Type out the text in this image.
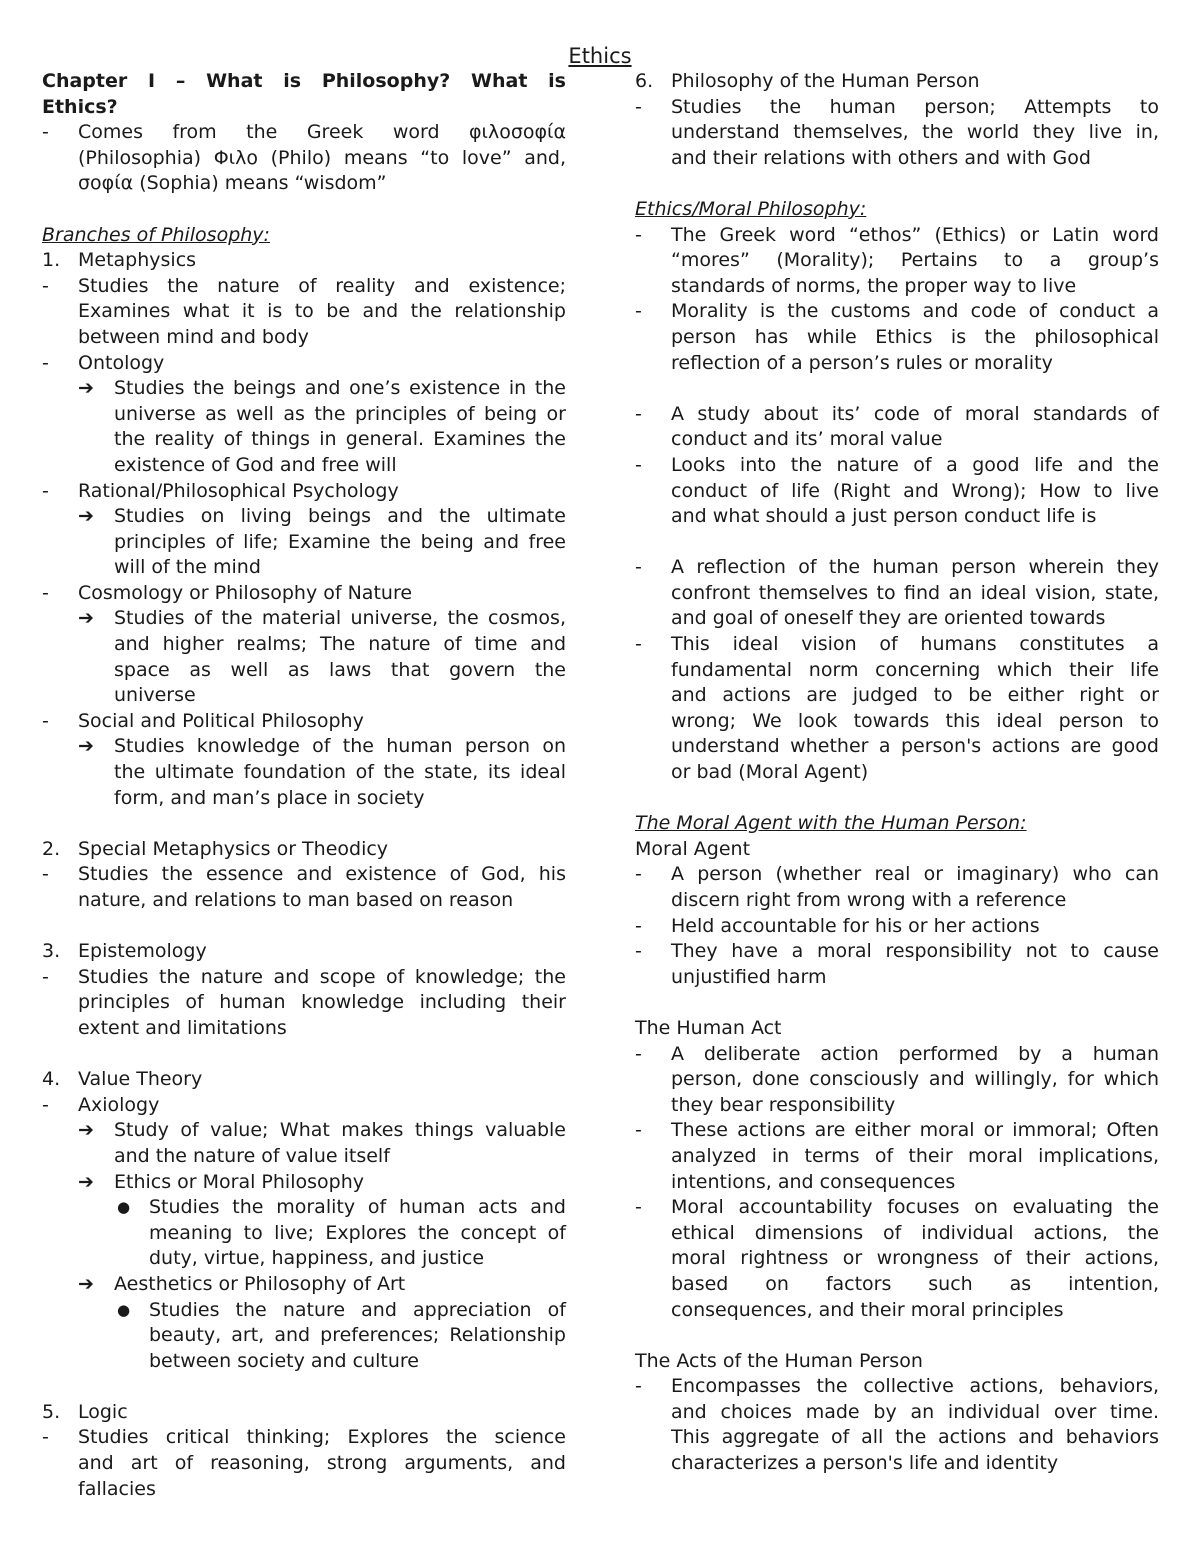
Ethics
Chapter I – What is Philosophy? What is
Ethics?
- Comes from the Greek word φιλοσοφία
(Philosophia) Φιλο (Philo) means “to love” and,
σοφία (Sophia) means “wisdom”
Branches of Philosophy:
1. Metaphysics
- Studies the nature of reality and existence;
Examines what it is to be and the relationship
between mind and body
- Ontology
➔ Studies the beings and one’s existence in the
universe as well as the principles of being or
the reality of things in general. Examines the
existence of God and free will
- Rational/Philosophical Psychology
➔ Studies on living beings and the ultimate
principles of life; Examine the being and free
will of the mind
- Cosmology or Philosophy of Nature
➔ Studies of the material universe, the cosmos,
and higher realms; The nature of time and
space as well as laws that govern the
universe
- Social and Political Philosophy
➔ Studies knowledge of the human person on
the ultimate foundation of the state, its ideal
form, and man’s place in society
2. Special Metaphysics or Theodicy
- Studies the essence and existence of God, his
nature, and relations to man based on reason
3. Epistemology
- Studies the nature and scope of knowledge; the
principles of human knowledge including their
extent and limitations
4. Value Theory
- Axiology
➔ Study of value; What makes things valuable
and the nature of value itself
➔ Ethics or Moral Philosophy
● Studies the morality of human acts and
meaning to live; Explores the concept of
duty, virtue, happiness, and justice
➔ Aesthetics or Philosophy of Art
● Studies the nature and appreciation of
beauty, art, and preferences; Relationship
between society and culture
5. Logic
- Studies critical thinking; Explores the science
and art of reasoning, strong arguments, and
fallacies
6. Philosophy of the Human Person
- Studies the human person; Attempts to
understand themselves, the world they live in,
and their relations with others and with God
Ethics/Moral Philosophy:
- The Greek word “ethos” (Ethics) or Latin word
“mores” (Morality); Pertains to a group’s
standards of norms, the proper way to live
- Morality is the customs and code of conduct a
person has while Ethics is the philosophical
reflection of a person’s rules or morality
- A study about its’ code of moral standards of
conduct and its’ moral value
- Looks into the nature of a good life and the
conduct of life (Right and Wrong); How to live
and what should a just person conduct life is
- A reflection of the human person wherein they
confront themselves to find an ideal vision, state,
and goal of oneself they are oriented towards
- This ideal vision of humans constitutes a
fundamental norm concerning which their life
and actions are judged to be either right or
wrong; We look towards this ideal person to
understand whether a person's actions are good
or bad (Moral Agent)
The Moral Agent with the Human Person:
Moral Agent
- A person (whether real or imaginary) who can
discern right from wrong with a reference
- Held accountable for his or her actions
- They have a moral responsibility not to cause
unjustified harm
The Human Act
- A deliberate action performed by a human
person, done consciously and willingly, for which
they bear responsibility
- These actions are either moral or immoral; Often
analyzed in terms of their moral implications,
intentions, and consequences
- Moral accountability focuses on evaluating the
ethical dimensions of individual actions, the
moral rightness or wrongness of their actions,
based on factors such as intention,
consequences, and their moral principles
The Acts of the Human Person
- Encompasses the collective actions, behaviors,
and choices made by an individual over time.
This aggregate of all the actions and behaviors
characterizes a person's life and identity
